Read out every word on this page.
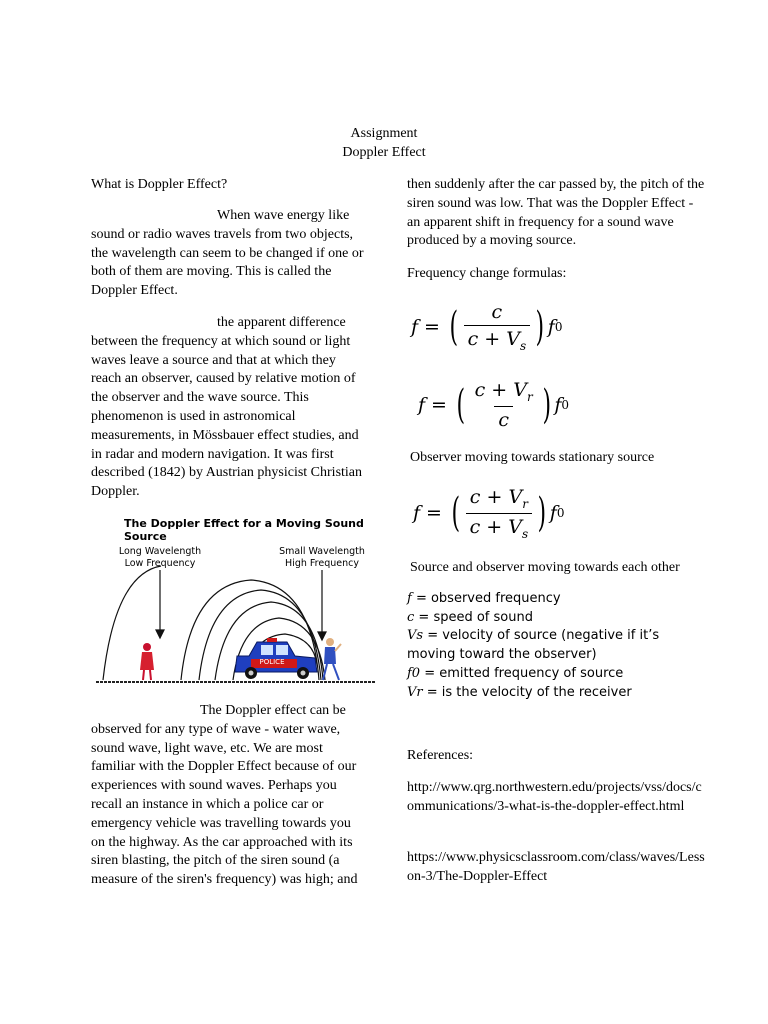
Assignment
Doppler Effect
What is Doppler Effect?
When wave energy like sound or radio waves travels from two objects, the wavelength can seem to be changed if one or both of them are moving. This is called the Doppler Effect.
the apparent difference between the frequency at which sound or light waves leave a source and that at which they reach an observer, caused by relative motion of the observer and the wave source. This phenomenon is used in astronomical measurements, in Mössbauer effect studies, and in radar and modern navigation. It was first described (1842) by Austrian physicist Christian Doppler.
The Doppler Effect for a Moving Sound Source
Long Wavelength
Low Frequency
Small Wavelength
High Frequency
POLICE
The Doppler effect can be observed for any type of wave - water wave, sound wave, light wave, etc. We are most familiar with the Doppler Effect because of our experiences with sound waves. Perhaps you recall an instance in which a police car or emergency vehicle was travelling towards you on the highway. As the car approached with its siren blasting, the pitch of the siren sound (a measure of the siren's frequency) was high; and
then suddenly after the car passed by, the pitch of the siren sound was low. That was the Doppler Effect - an apparent shift in frequency for a sound wave produced by a moving source.
Frequency change formulas:
f = ( $\frac{c}{c + V_s}$ ) f 0
f = ( $\frac{c + V_r}{c}$ ) f 0
Observer moving towards stationary source
f = ( $\frac{c + V_r}{c + V_s}$ ) f 0
Source and observer moving towards each other
f = observed frequency
c = speed of sound
Vs = velocity of source (negative if it’s moving toward the observer)
f0 = emitted frequency of source
Vr = is the velocity of the receiver
References:
http://www.qrg.northwestern.edu/projects/vss/docs/communications/3-what-is-the-doppler-effect.html
https://www.physicsclassroom.com/class/waves/Lesson-3/The-Doppler-Effect
